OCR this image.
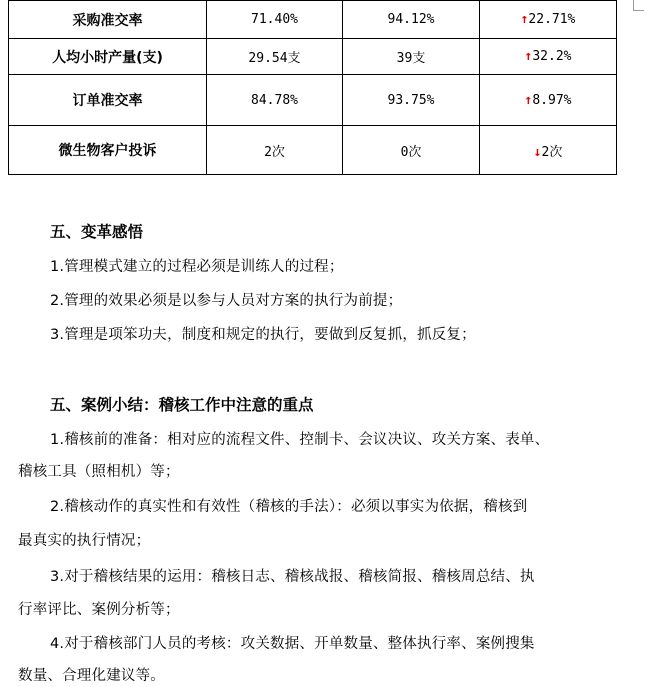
采购准交率	71.40%	94.12%	↑22.71%
人均小时产量(支)	29.54支	39支	↑32.2%
订单准交率	84.78%	93.75%	↑8.97%
微生物客户投诉	2次	0次	↓2次
五、变革感悟
1.管理模式建立的过程必须是训练人的过程；
2.管理的效果必须是以参与人员对方案的执行为前提；
3.管理是项笨功夫，制度和规定的执行，要做到反复抓，抓反复；
五、案例小结：稽核工作中注意的重点
1.稽核前的准备：相对应的流程文件、控制卡、会议决议、攻关方案、表单、
稽核工具（照相机）等；
2.稽核动作的真实性和有效性（稽核的手法）：必须以事实为依据，稽核到
最真实的执行情况；
3.对于稽核结果的运用：稽核日志、稽核战报、稽核简报、稽核周总结、执
行率评比、案例分析等；
4.对于稽核部门人员的考核：攻关数据、开单数量、整体执行率、案例搜集
数量、合理化建议等。
